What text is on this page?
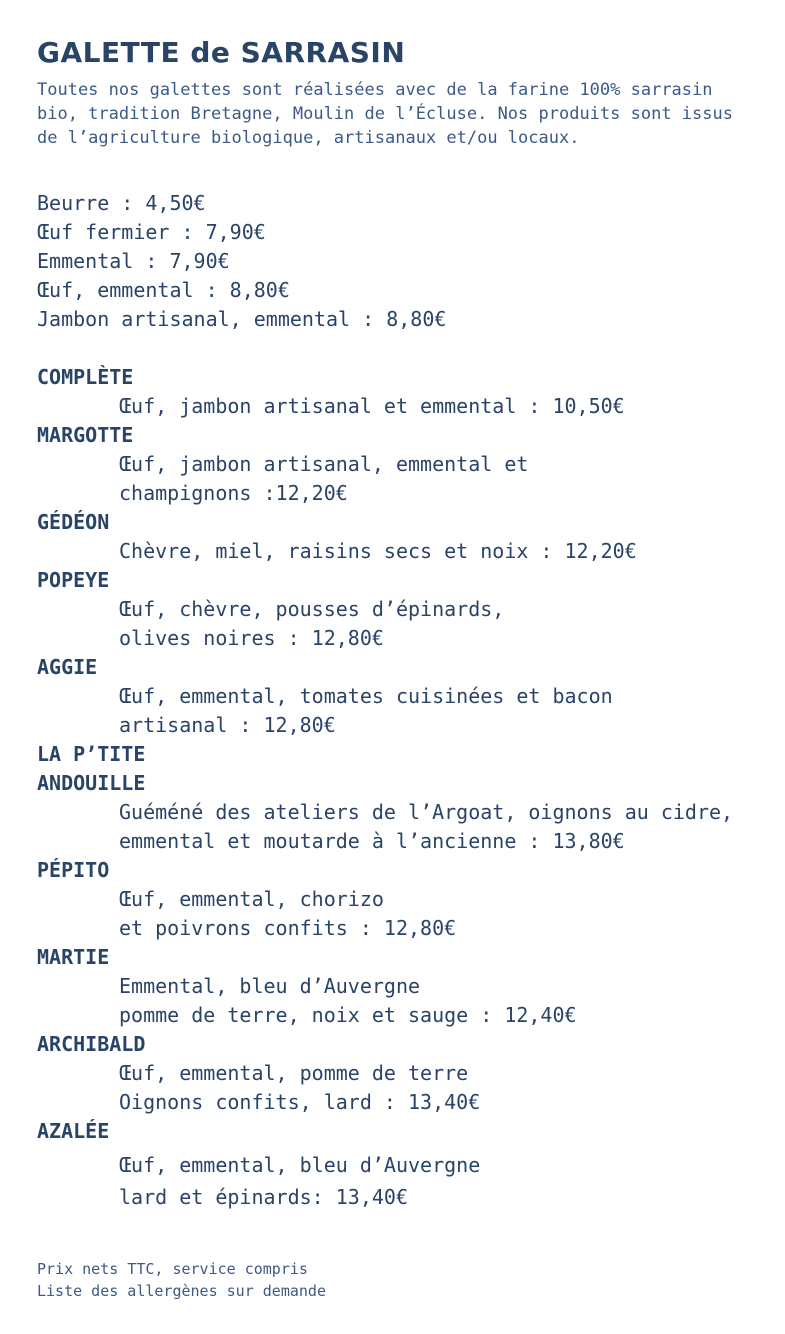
GALETTE de SARRASIN

Toutes nos galettes sont réalisées avec de la farine 100% sarrasin bio, tradition Bretagne, Moulin de l’Écluse. Nos produits sont issus de l’agriculture biologique, artisanaux et/ou locaux.

Beurre : 4,50€
Œuf fermier : 7,90€
Emmental : 7,90€
Œuf, emmental : 8,80€
Jambon artisanal, emmental : 8,80€
COMPLÈTE
Œuf, jambon artisanal et emmental : 10,50€
MARGOTTE
Œuf, jambon artisanal, emmental et
champignons :12,20€
GÉDÉON
Chèvre, miel, raisins secs et noix : 12,20€
POPEYE
Œuf, chèvre, pousses d’épinards,
olives noires : 12,80€
AGGIE
Œuf, emmental, tomates cuisinées et bacon
artisanal : 12,80€
LA P’TITE ANDOUILLE
Guéméné des ateliers de l’Argoat, oignons au cidre,
emmental et moutarde à l’ancienne : 13,80€
PÉPITO
Œuf, emmental, chorizo
et poivrons confits : 12,80€
MARTIE
Emmental, bleu d’Auvergne
pomme de terre, noix et sauge : 12,40€
ARCHIBALD
Œuf, emmental, pomme de terre
Oignons confits, lard : 13,40€
AZALÉE
Œuf, emmental, bleu d’Auvergne
lard et épinards: 13,40€
Prix nets TTC, service compris
Liste des allergènes sur demande
